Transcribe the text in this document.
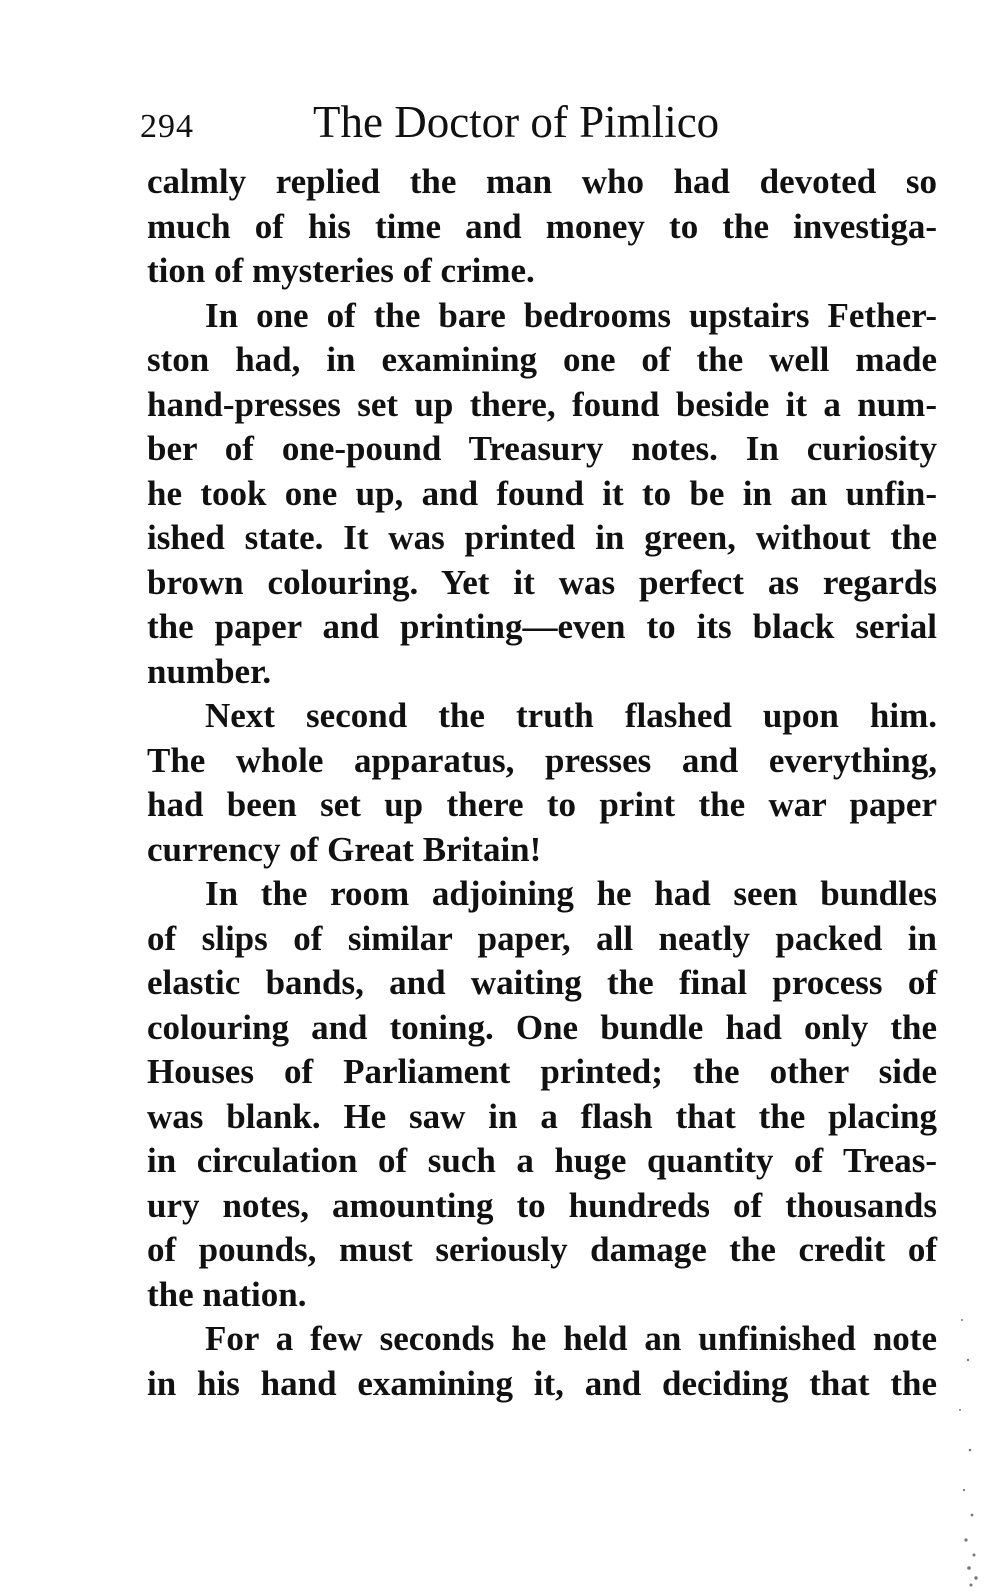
294	The Doctor of Pimlico
calmly replied the man who had devoted so
much of his time and money to the investiga-
tion of mysteries of crime.
In one of the bare bedrooms upstairs Fether-
ston had, in examining one of the well made
hand-presses set up there, found beside it a num-
ber of one-pound Treasury notes. In curiosity
he took one up, and found it to be in an unfin-
ished state. It was printed in green, without the
brown colouring. Yet it was perfect as regards
the paper and printing—even to its black serial
number.
Next second the truth flashed upon him.
The whole apparatus, presses and everything,
had been set up there to print the war paper
currency of Great Britain!
In the room adjoining he had seen bundles
of slips of similar paper, all neatly packed in
elastic bands, and waiting the final process of
colouring and toning. One bundle had only the
Houses of Parliament printed; the other side
was blank. He saw in a flash that the placing
in circulation of such a huge quantity of Treas-
ury notes, amounting to hundreds of thousands
of pounds, must seriously damage the credit of
the nation.
For a few seconds he held an unfinished note
in his hand examining it, and deciding that the
